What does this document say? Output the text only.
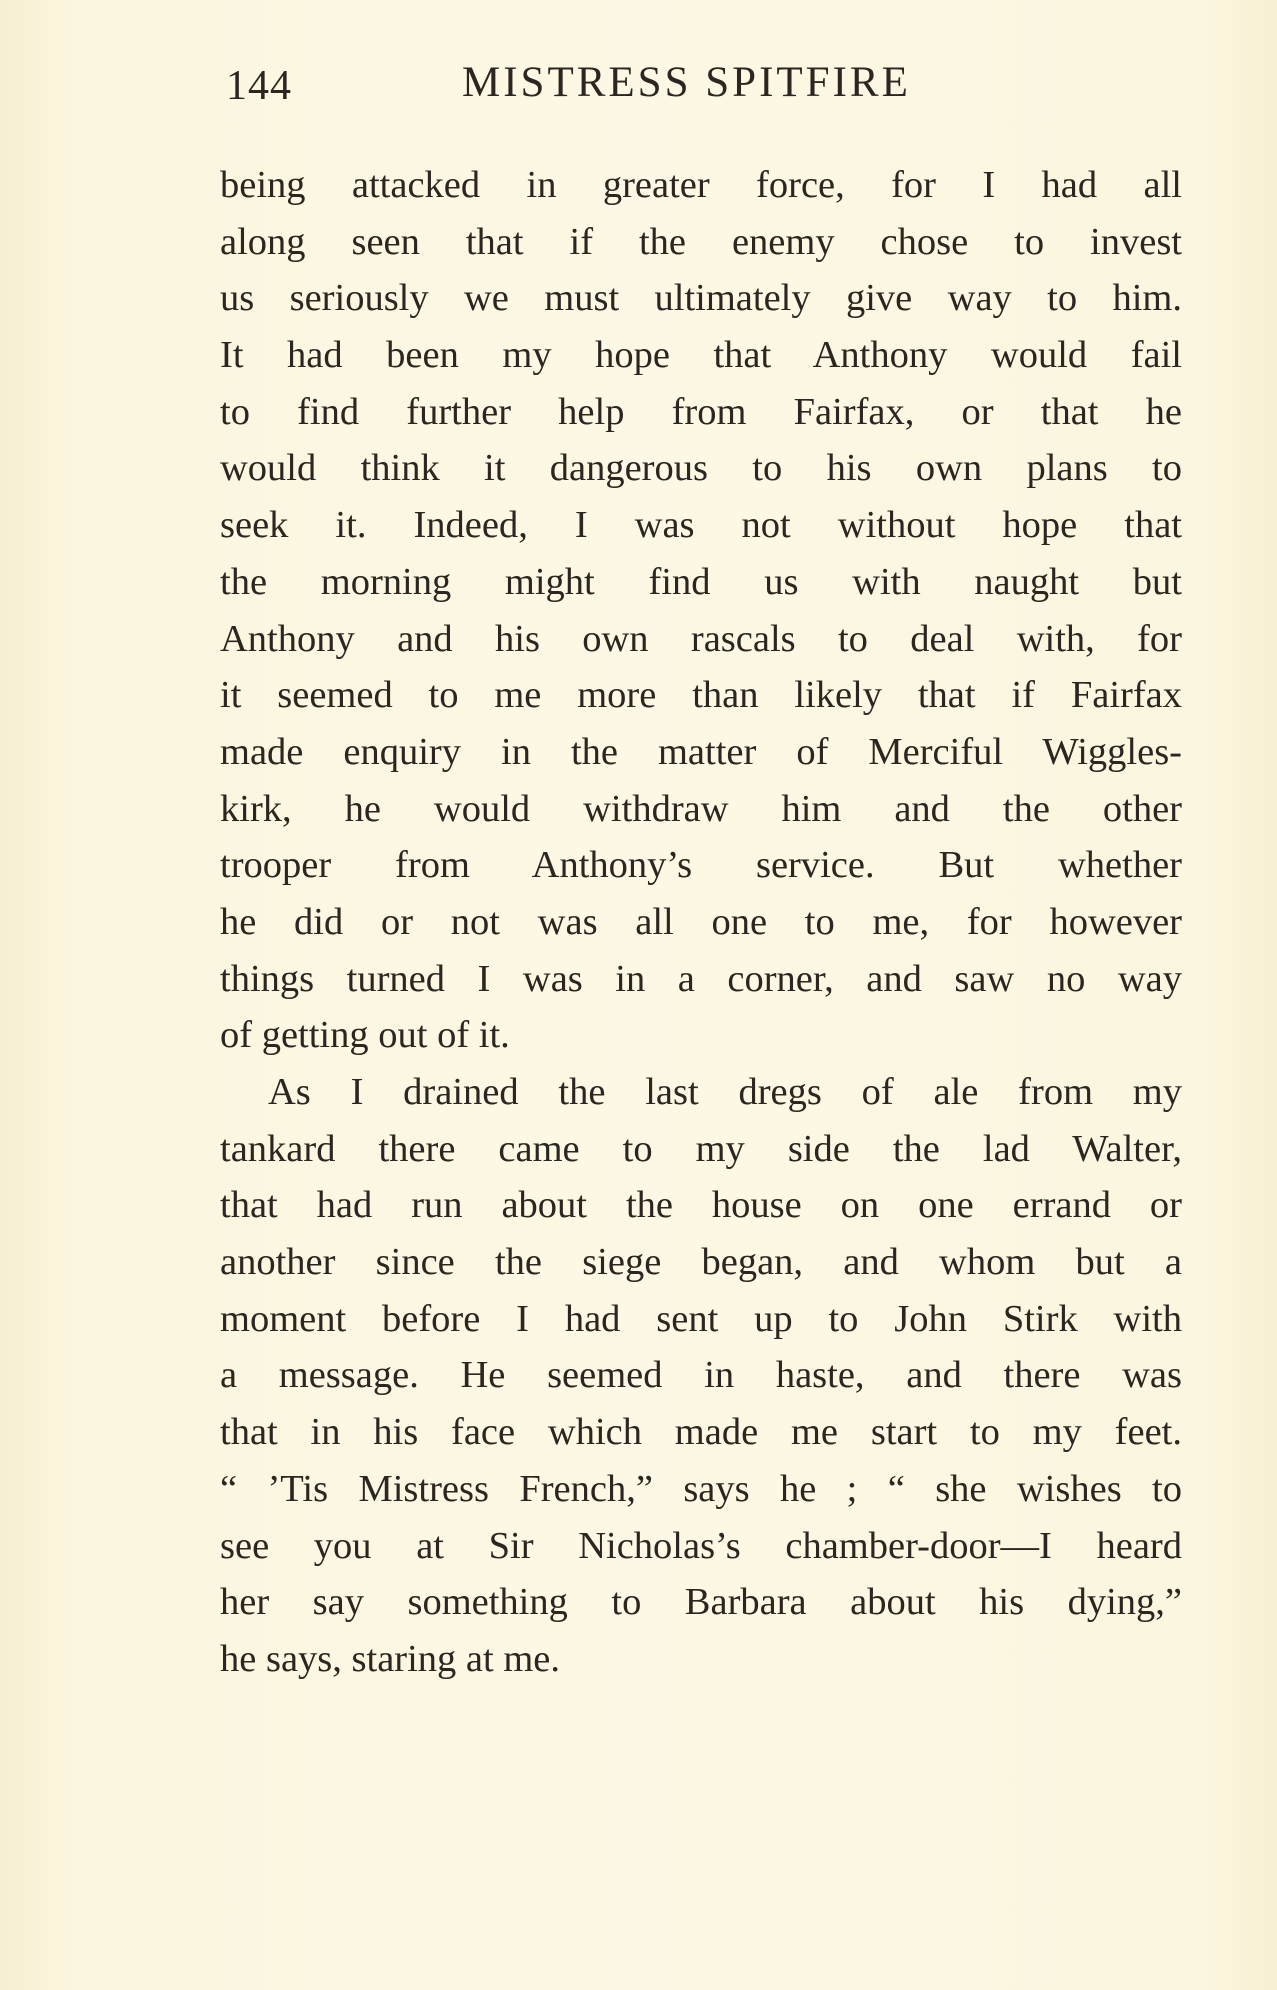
144	MISTRESS SPITFIRE
being attacked in greater force, for I had all
along seen that if the enemy chose to invest
us seriously we must ultimately give way to him.
It had been my hope that Anthony would fail
to find further help from Fairfax, or that he
would think it dangerous to his own plans to
seek it. Indeed, I was not without hope that
the morning might find us with naught but
Anthony and his own rascals to deal with, for
it seemed to me more than likely that if Fairfax
made enquiry in the matter of Merciful Wiggles-
kirk, he would withdraw him and the other
trooper from Anthony’s service. But whether
he did or not was all one to me, for however
things turned I was in a corner, and saw no way
of getting out of it.
As I drained the last dregs of ale from my
tankard there came to my side the lad Walter,
that had run about the house on one errand or
another since the siege began, and whom but a
moment before I had sent up to John Stirk with
a message. He seemed in haste, and there was
that in his face which made me start to my feet.
“ ’Tis Mistress French,” says he ; “ she wishes to
see you at Sir Nicholas’s chamber-door—I heard
her say something to Barbara about his dying,”
he says, staring at me.
